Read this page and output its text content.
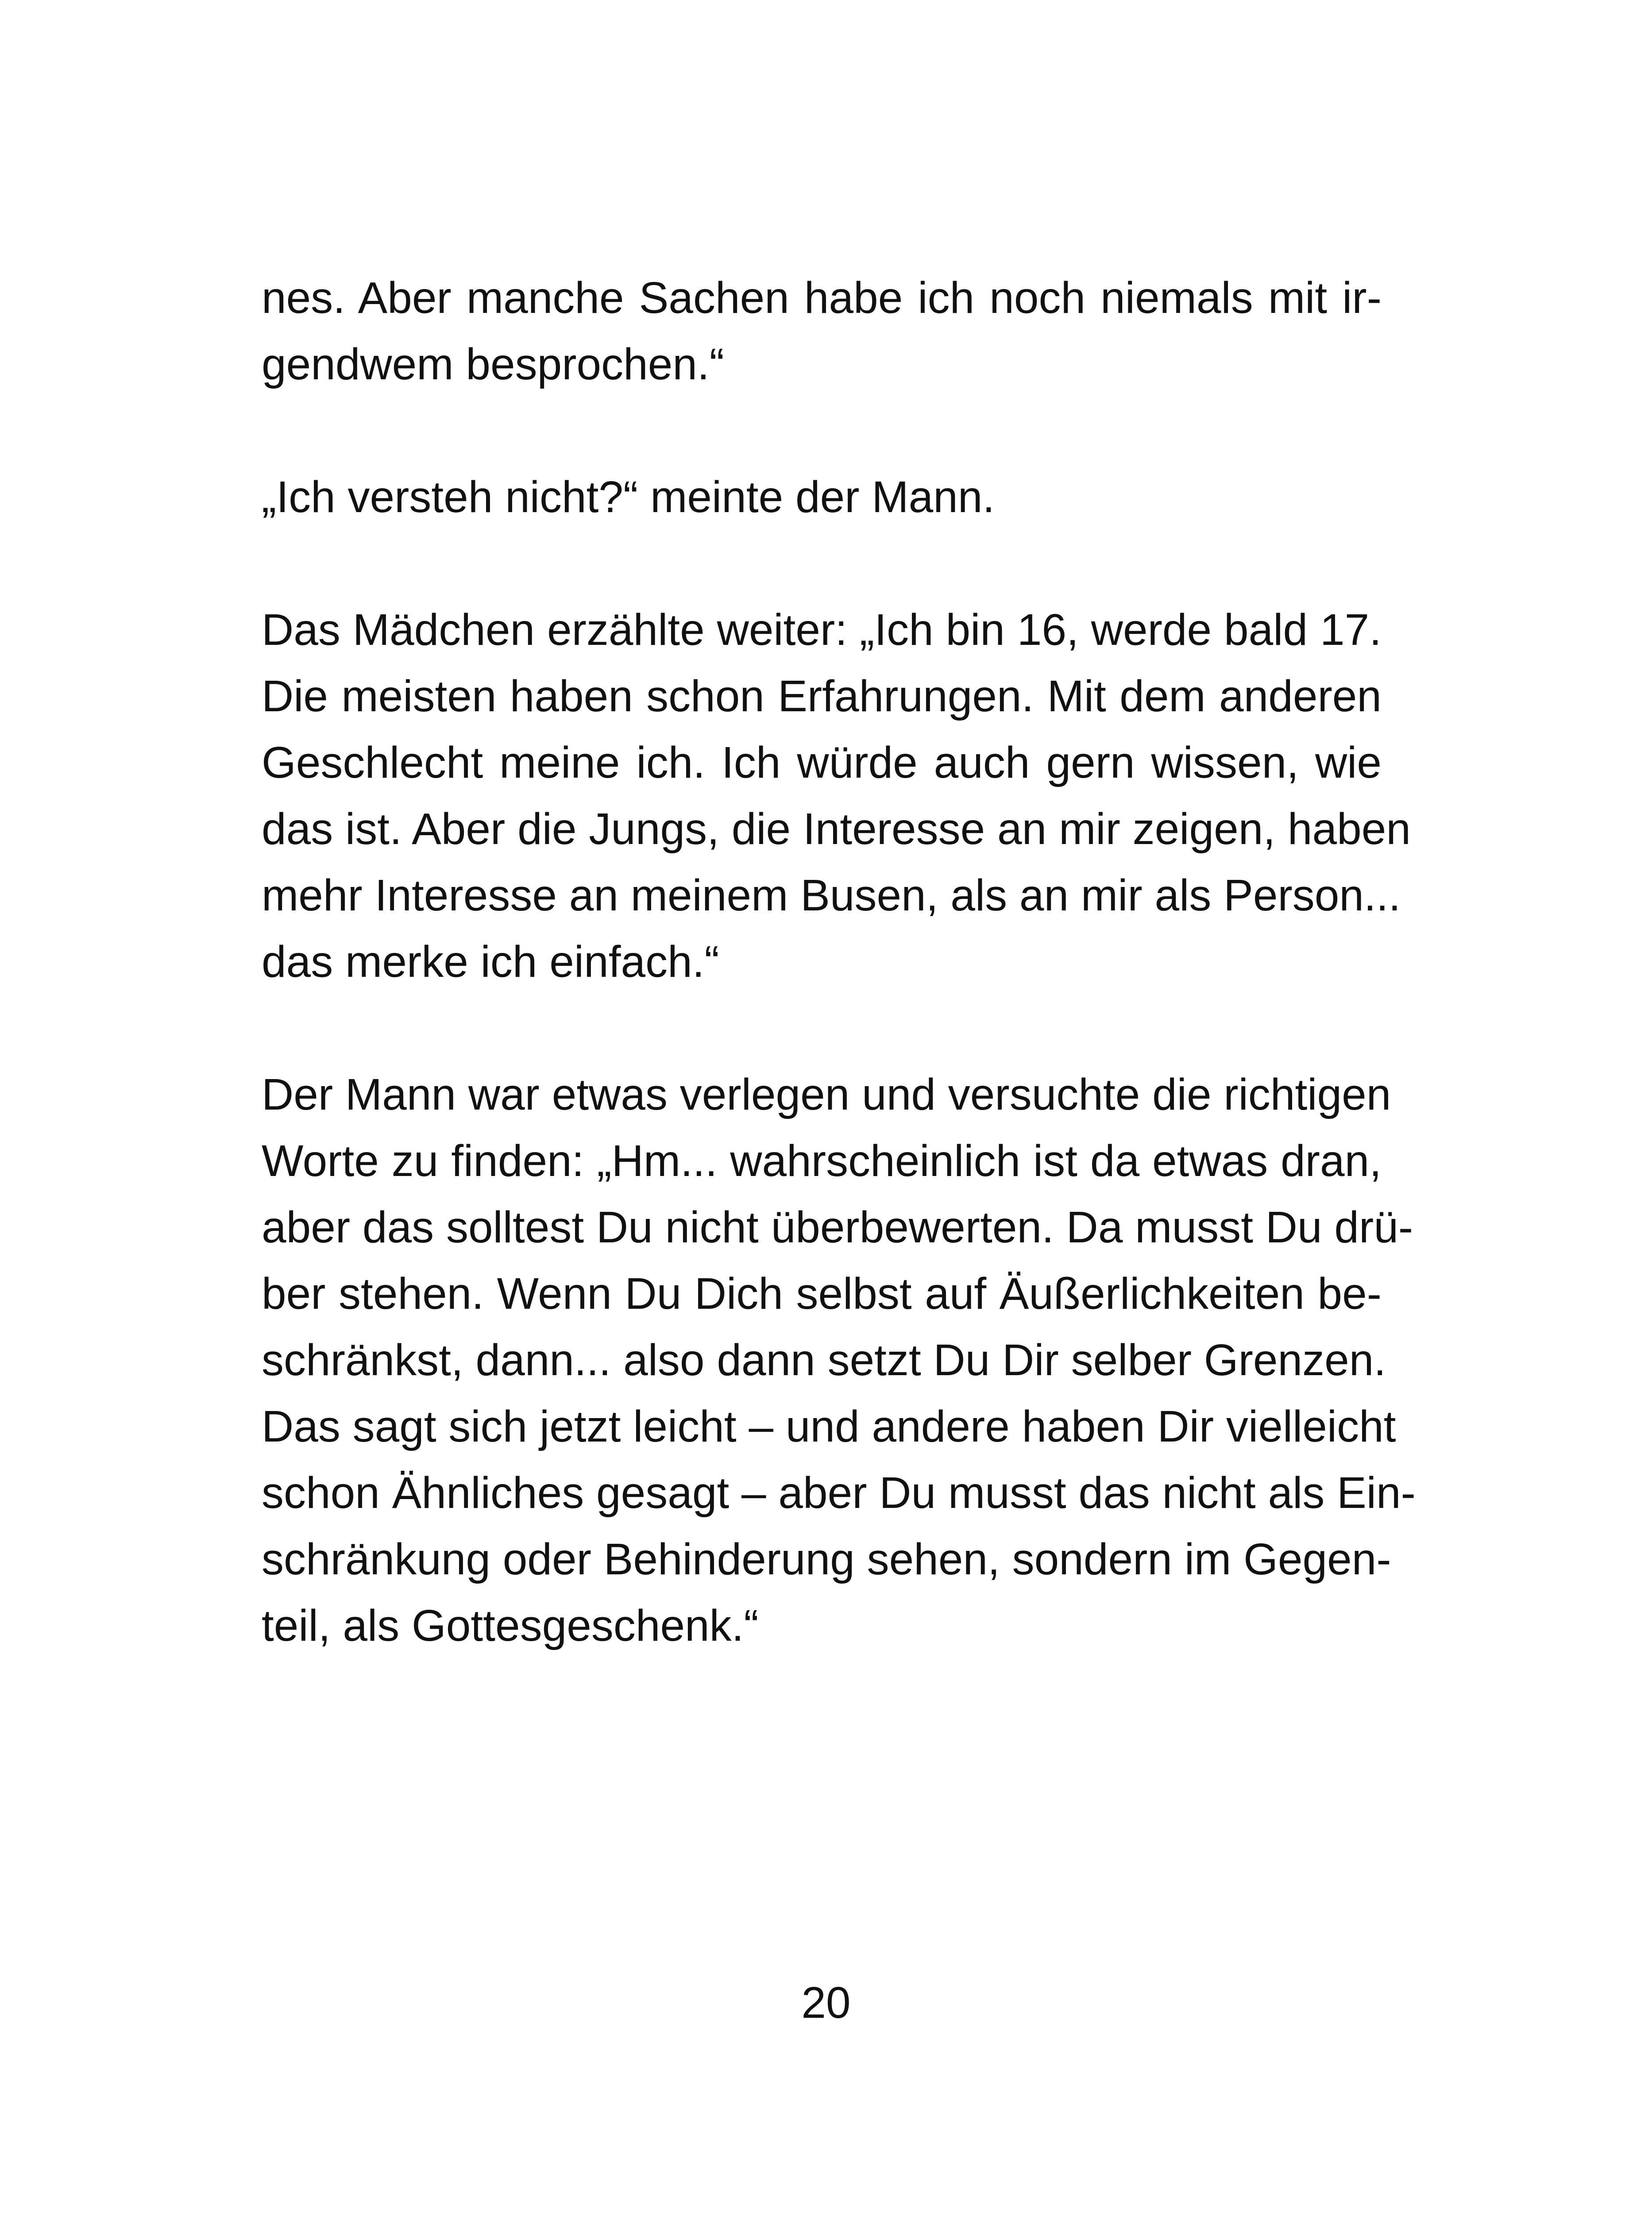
nes. Aber manche Sachen habe ich noch niemals mit ir-
gendwem besprochen.“
„Ich versteh nicht?“ meinte der Mann.
Das Mädchen erzählte weiter: „Ich bin 16, werde bald 17.
Die meisten haben schon Erfahrungen. Mit dem anderen
Geschlecht meine ich. Ich würde auch gern wissen, wie
das ist. Aber die Jungs, die Interesse an mir zeigen, haben
mehr Interesse an meinem Busen, als an mir als Person...
das merke ich einfach.“
Der Mann war etwas verlegen und versuchte die richtigen
Worte zu finden: „Hm... wahrscheinlich ist da etwas dran,
aber das solltest Du nicht überbewerten. Da musst Du drü-
ber stehen. Wenn Du Dich selbst auf Äußerlichkeiten be-
schränkst, dann... also dann setzt Du Dir selber Grenzen.
Das sagt sich jetzt leicht – und andere haben Dir vielleicht
schon Ähnliches gesagt – aber Du musst das nicht als Ein-
schränkung oder Behinderung sehen, sondern im Gegen-
teil, als Gottesgeschenk.“
20
